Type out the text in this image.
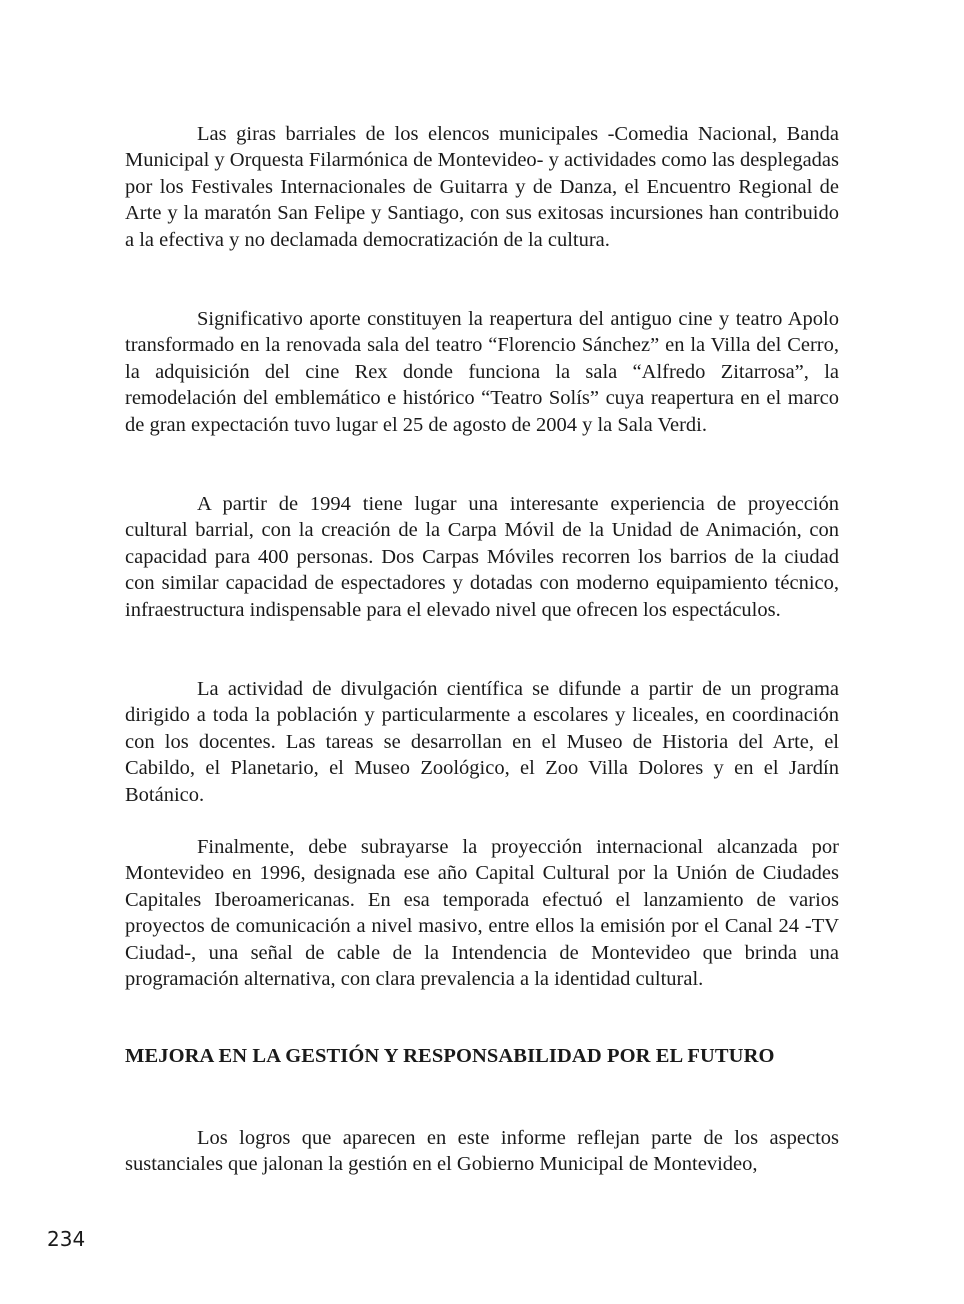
Las giras barriales de los elencos municipales -Comedia Nacional, Banda Municipal y Orquesta Filarmónica de Montevideo- y actividades como las desplegadas por los Festivales Internacionales de Guitarra y de Danza, el Encuentro Regional de Arte y la maratón San Felipe y Santiago, con sus exitosas incursiones han contribuido a la efectiva y no declamada democratización de la cultura.

Significativo aporte constituyen la reapertura del antiguo cine y teatro Apolo transformado en la renovada sala del teatro “Florencio Sánchez” en la Villa del Cerro, la adquisición del cine Rex donde funciona la sala “Alfredo Zitarrosa”, la remodelación del emblemático e histórico “Teatro Solís” cuya reapertura en el marco de gran expectación tuvo lugar el 25 de agosto de 2004 y la Sala Verdi.

A partir de 1994 tiene lugar una interesante experiencia de proyección cultural barrial, con la creación de la Carpa Móvil de la Unidad de Animación, con capacidad para 400 personas. Dos Carpas Móviles recorren los barrios de la ciudad con similar capacidad de espectadores y dotadas con moderno equipamiento técnico, infraestructura indispensable para el elevado nivel que ofrecen los espectáculos.

La actividad de divulgación científica se difunde a partir de un programa dirigido a toda la población y particularmente a escolares y liceales, en coordinación con los docentes. Las tareas se desarrollan en el Museo de Historia del Arte, el Cabildo, el Planetario, el Museo Zoológico, el Zoo Villa Dolores y en el Jardín Botánico.

Finalmente, debe subrayarse la proyección internacional alcanzada por Montevideo en 1996, designada ese año Capital Cultural por la Unión de Ciudades Capitales Iberoamericanas. En esa temporada efectuó el lanzamiento de varios proyectos de comunicación a nivel masivo, entre ellos la emisión por el Canal 24 -TV Ciudad-, una señal de cable de la Intendencia de Montevideo que brinda una programación alternativa, con clara prevalencia a la identidad cultural.

MEJORA EN LA GESTIÓN Y RESPONSABILIDAD POR EL FUTURO

Los logros que aparecen en este informe reflejan parte de los aspectos sustanciales que jalonan la gestión en el Gobierno Municipal de Montevideo,

234
